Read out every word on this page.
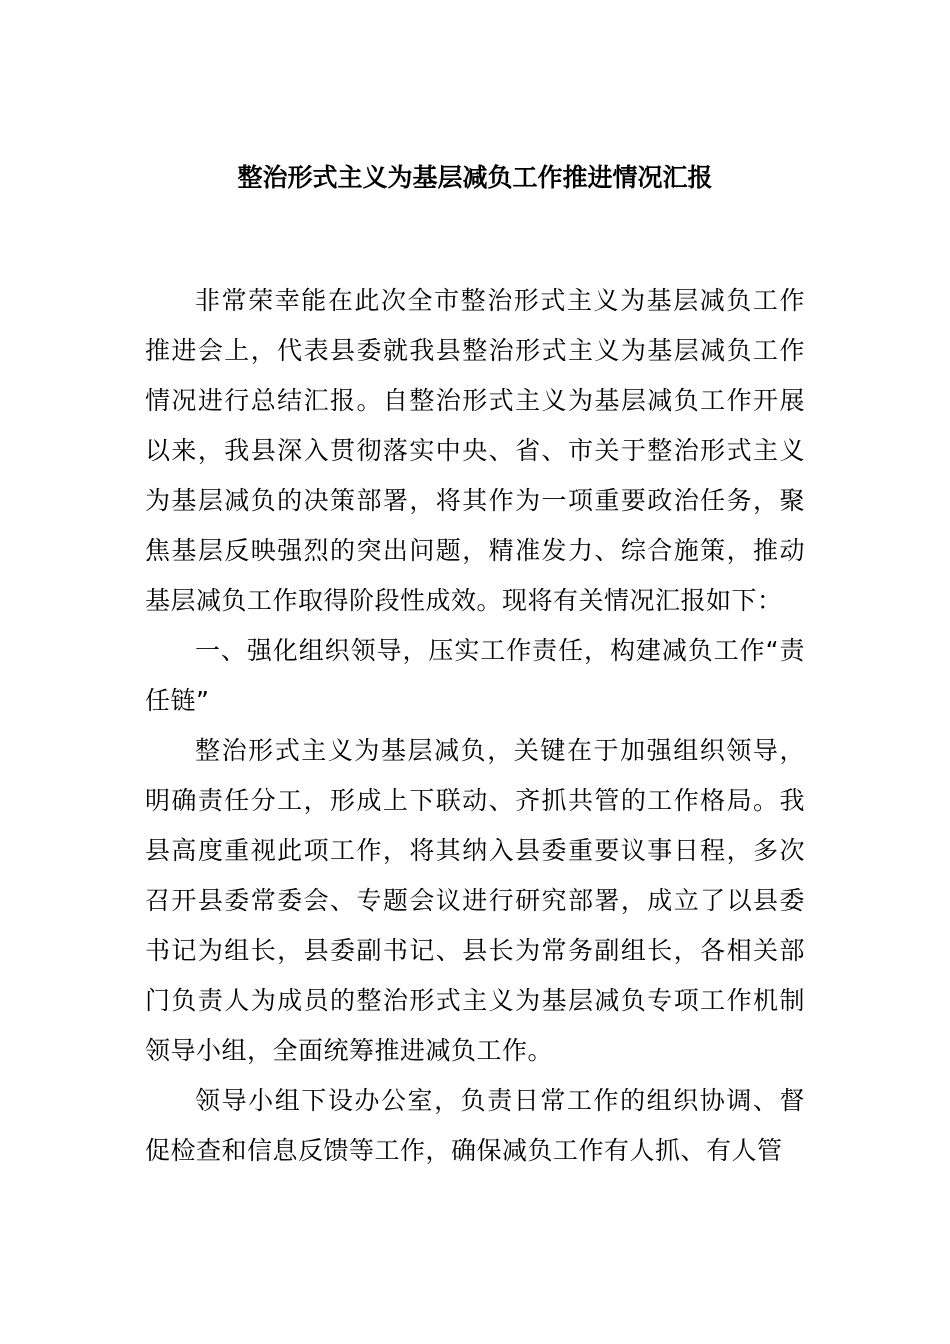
整治形式主义为基层减负工作推进情况汇报

非常荣幸能在此次全市整治形式主义为基层减负工作推进会上，代表县委就我县整治形式主义为基层减负工作情况进行总结汇报。自整治形式主义为基层减负工作开展以来，我县深入贯彻落实中央、省、市关于整治形式主义为基层减负的决策部署，将其作为一项重要政治任务，聚焦基层反映强烈的突出问题，精准发力、综合施策，推动基层减负工作取得阶段性成效。现将有关情况汇报如下：

一、强化组织领导，压实工作责任，构建减负工作“责任链”

整治形式主义为基层减负，关键在于加强组织领导，明确责任分工，形成上下联动、齐抓共管的工作格局。我县高度重视此项工作，将其纳入县委重要议事日程，多次召开县委常委会、专题会议进行研究部署，成立了以县委书记为组长，县委副书记、县长为常务副组长，各相关部门负责人为成员的整治形式主义为基层减负专项工作机制领导小组，全面统筹推进减负工作。

领导小组下设办公室，负责日常工作的组织协调、督促检查和信息反馈等工作，确保减负工作有人抓、有人管
